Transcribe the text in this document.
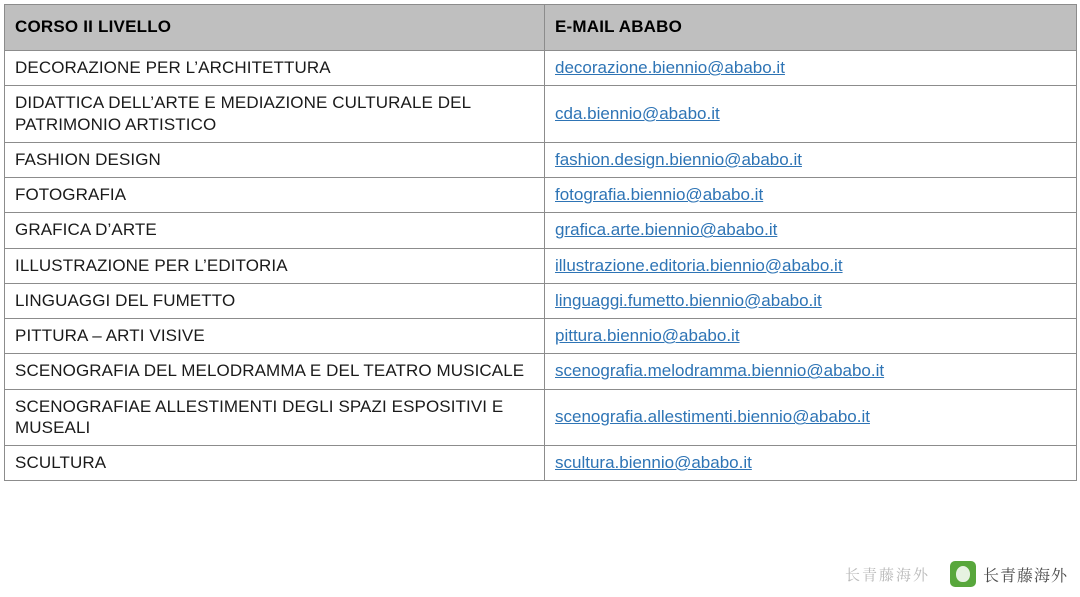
CORSO II LIVELLO	E-MAIL ABABO
DECORAZIONE PER L’ARCHITETTURA	decorazione.biennio@ababo.it
DIDATTICA DELL’ARTE E MEDIAZIONE CULTURALE DEL PATRIMONIO ARTISTICO	cda.biennio@ababo.it
FASHION DESIGN	fashion.design.biennio@ababo.it
FOTOGRAFIA	fotografia.biennio@ababo.it
GRAFICA D’ARTE	grafica.arte.biennio@ababo.it
ILLUSTRAZIONE PER L’EDITORIA	illustrazione.editoria.biennio@ababo.it
LINGUAGGI DEL FUMETTO	linguaggi.fumetto.biennio@ababo.it
PITTURA – ARTI VISIVE	pittura.biennio@ababo.it
SCENOGRAFIA DEL MELODRAMMA E DEL TEATRO MUSICALE	scenografia.melodramma.biennio@ababo.it
SCENOGRAFIAE ALLESTIMENTI DEGLI SPAZI ESPOSITIVI E MUSEALI	scenografia.allestimenti.biennio@ababo.it
SCULTURA	scultura.biennio@ababo.it
长青藤海外	长青藤海外
